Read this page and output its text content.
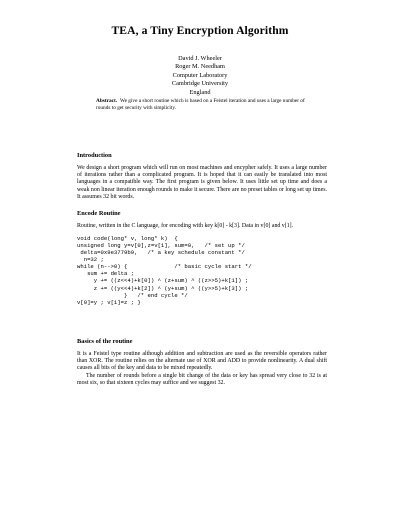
TEA, a Tiny Encryption Algorithm
David J. Wheeler
Roger M. Needham
Computer Laboratory
Cambridge University
England
Abstract. We give a short routine which is based on a Feistel iteration and uses a large number of rounds to get security with simplicity.

Introduction

We design a short program which will run on most machines and encypher safely. It uses a large number of iterations rather than a complicated program. It is hoped that it can easily be translated into most languages in a compatible way. The first program is given below. It uses little set up time and does a weak non linear iteration enough rounds to make it secure. There are no preset tables or long set up times. It assumes 32 bit words.

Encode Routine

Routine, written in the C language, for encoding with key k[0] - k[3]. Data in v[0] and v[1].

void code(long* v, long* k)  {
unsigned long y=v[0],z=v[1], sum=0,   /* set up */
delta=0x9e3779b9,   /* a key schedule constant */
n=32 ;
while (n-->0) {              /* basic cycle start */
sum += delta ;
y += ((z<<4)+k[0]) ^ (z+sum) ^ ((z>>5)+k[1]) ;
z += ((y<<4)+k[2]) ^ (y+sum) ^ ((y>>5)+k[3]) ;
}   /* end cycle */
v[0]=y ; v[1]=z ; }

Basics of the routine

It is a Feistel type routine although addition and subtraction are used as the reversible operators rather than XOR. The routine relies on the alternate use of XOR and ADD to provide nonlinearity. A dual shift causes all bits of the key and data to be mixed repeatedly.

The number of rounds before a single bit change of the data or key has spread very close to 32 is at most six, so that sixteen cycles may suffice and we suggest 32.
